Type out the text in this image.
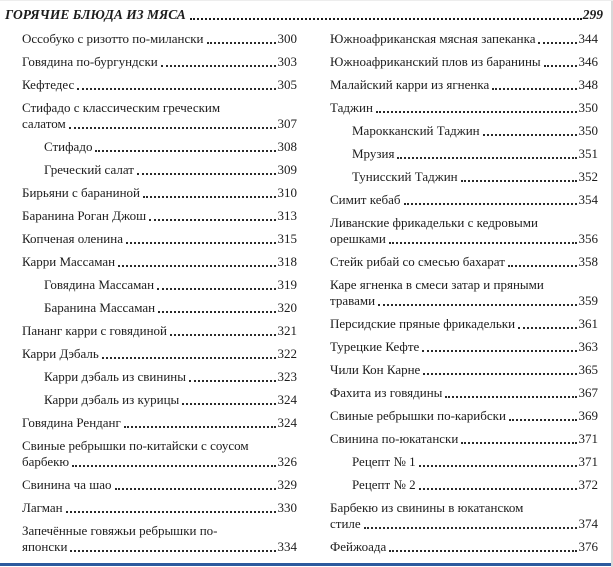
ГОРЯЧИЕ БЛЮДА ИЗ МЯСА	299
Оссобуко с ризотто по-милански	300
Говядина по-бургундски	303
Кефтедес	305
Стифадо с классическим греческим
салатом	307
Стифадо	308
Греческий салат	309
Бирьяни с бараниной	310
Баранина Роган Джош	313
Копченая оленина	315
Карри Массаман	318
Говядина Массаман	319
Баранина Массаман	320
Пананг карри с говядиной	321
Карри Дэбаль	322
Карри дэбаль из свинины	323
Карри дэбаль из курицы	324
Говядина Ренданг	324
Свиные ребрышки по-китайски с соусом
барбекю	326
Свинина ча шао	329
Лагман	330
Запечённые говяжьи ребрышки по-
японски	334
Южноафриканская мясная запеканка	344
Южноафриканский плов из баранины	346
Малайский карри из ягненка	348
Таджин	350
Марокканский Таджин	350
Мрузия	351
Тунисский Таджин	352
Симит кебаб	354
Ливанские фрикадельки с кедровыми
орешками	356
Стейк рибай со смесью бахарат	358
Каре ягненка в смеси затар и пряными
травами	359
Персидские пряные фрикадельки	361
Турецкие Кефте	363
Чили Кон Карне	365
Фахита из говядины	367
Свиные ребрышки по-карибски	369
Свинина по-юкатански	371
Рецепт № 1	371
Рецепт № 2	372
Барбекю из свинины в юкатанском
стиле	374
Фейжоада	376
